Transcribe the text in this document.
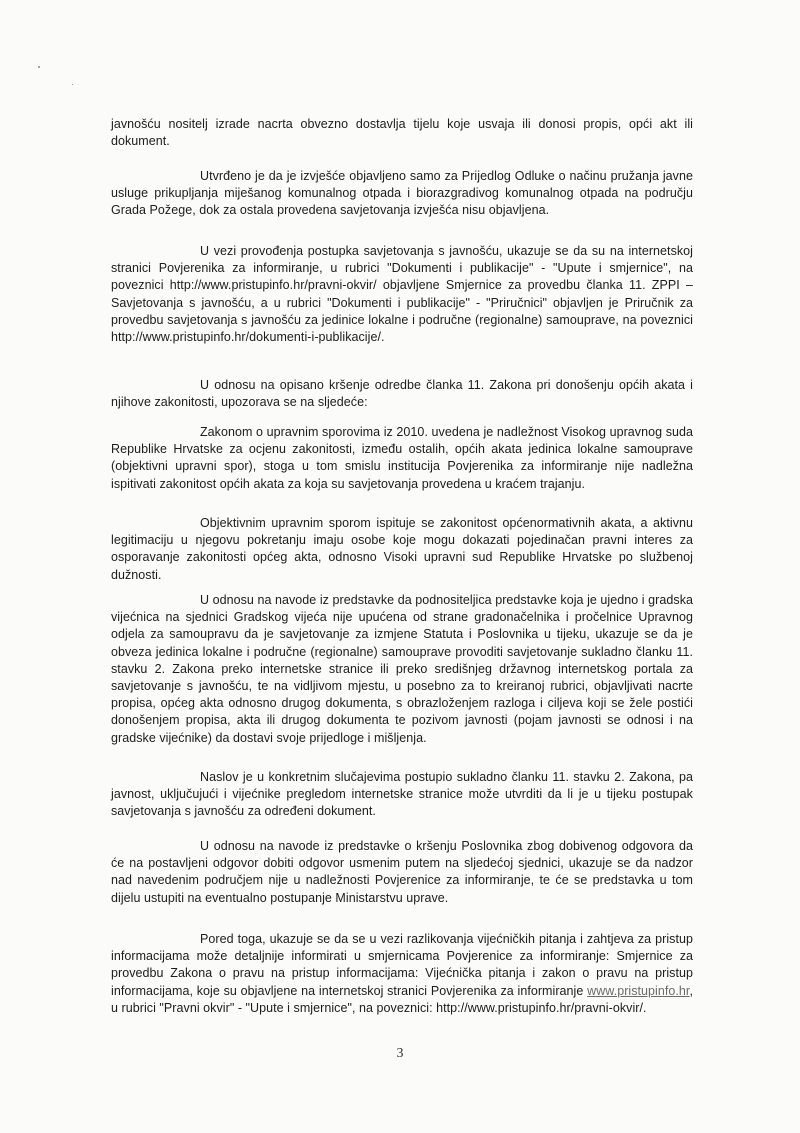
javnošću nositelj izrade nacrta obvezno dostavlja tijelu koje usvaja ili donosi propis, opći akt ili dokument.

Utvrđeno je da je izvješće objavljeno samo za Prijedlog Odluke o načinu pružanja javne usluge prikupljanja miješanog komunalnog otpada i biorazgradivog komunalnog otpada na području Grada Požege, dok za ostala provedena savjetovanja izvješća nisu objavljena.

U vezi provođenja postupka savjetovanja s javnošću, ukazuje se da su na internetskoj stranici Povjerenika za informiranje, u rubrici "Dokumenti i publikacije" - "Upute i smjernice", na poveznici http://www.pristupinfo.hr/pravni-okvir/ objavljene Smjernice za provedbu članka 11. ZPPI – Savjetovanja s javnošću, a u rubrici "Dokumenti i publikacije" - "Priručnici" objavljen je Priručnik za provedbu savjetovanja s javnošću za jedinice lokalne i područne (regionalne) samouprave, na poveznici http://www.pristupinfo.hr/dokumenti-i-publikacije/.

U odnosu na opisano kršenje odredbe članka 11. Zakona pri donošenju općih akata i njihove zakonitosti, upozorava se na sljedeće:

Zakonom o upravnim sporovima iz 2010. uvedena je nadležnost Visokog upravnog suda Republike Hrvatske za ocjenu zakonitosti, između ostalih, općih akata jedinica lokalne samouprave (objektivni upravni spor), stoga u tom smislu institucija Povjerenika za informiranje nije nadležna ispitivati zakonitost općih akata za koja su savjetovanja provedena u kraćem trajanju.

Objektivnim upravnim sporom ispituje se zakonitost općenormativnih akata, a aktivnu legitimaciju u njegovu pokretanju imaju osobe koje mogu dokazati pojedinačan pravni interes za osporavanje zakonitosti općeg akta, odnosno Visoki upravni sud Republike Hrvatske po službenoj dužnosti.

U odnosu na navode iz predstavke da podnositeljica predstavke koja je ujedno i gradska vijećnica na sjednici Gradskog vijeća nije upućena od strane gradonačelnika i pročelnice Upravnog odjela za samoupravu da je savjetovanje za izmjene Statuta i Poslovnika u tijeku, ukazuje se da je obveza jedinica lokalne i područne (regionalne) samouprave provoditi savjetovanje sukladno članku 11. stavku 2. Zakona preko internetske stranice ili preko središnjeg državnog internetskog portala za savjetovanje s javnošću, te na vidljivom mjestu, u posebno za to kreiranoj rubrici, objavljivati nacrte propisa, općeg akta odnosno drugog dokumenta, s obrazloženjem razloga i ciljeva koji se žele postići donošenjem propisa, akta ili drugog dokumenta te pozivom javnosti (pojam javnosti se odnosi i na gradske vijećnike) da dostavi svoje prijedloge i mišljenja.

Naslov je u konkretnim slučajevima postupio sukladno članku 11. stavku 2. Zakona, pa javnost, uključujući i vijećnike pregledom internetske stranice može utvrditi da li je u tijeku postupak savjetovanja s javnošću za određeni dokument.

U odnosu na navode iz predstavke o kršenju Poslovnika zbog dobivenog odgovora da će na postavljeni odgovor dobiti odgovor usmenim putem na sljedećoj sjednici, ukazuje se da nadzor nad navedenim područjem nije u nadležnosti Povjerenice za informiranje, te će se predstavka u tom dijelu ustupiti na eventualno postupanje Ministarstvu uprave.

Pored toga, ukazuje se da se u vezi razlikovanja vijećničkih pitanja i zahtjeva za pristup informacijama može detaljnije informirati u smjernicama Povjerenice za informiranje: Smjernice za provedbu Zakona o pravu na pristup informacijama: Vijećnička pitanja i zakon o pravu na pristup informacijama, koje su objavljene na internetskoj stranici Povjerenika za informiranje www.pristupinfo.hr, u rubrici "Pravni okvir" - "Upute i smjernice", na poveznici: http://www.pristupinfo.hr/pravni-okvir/.

3
